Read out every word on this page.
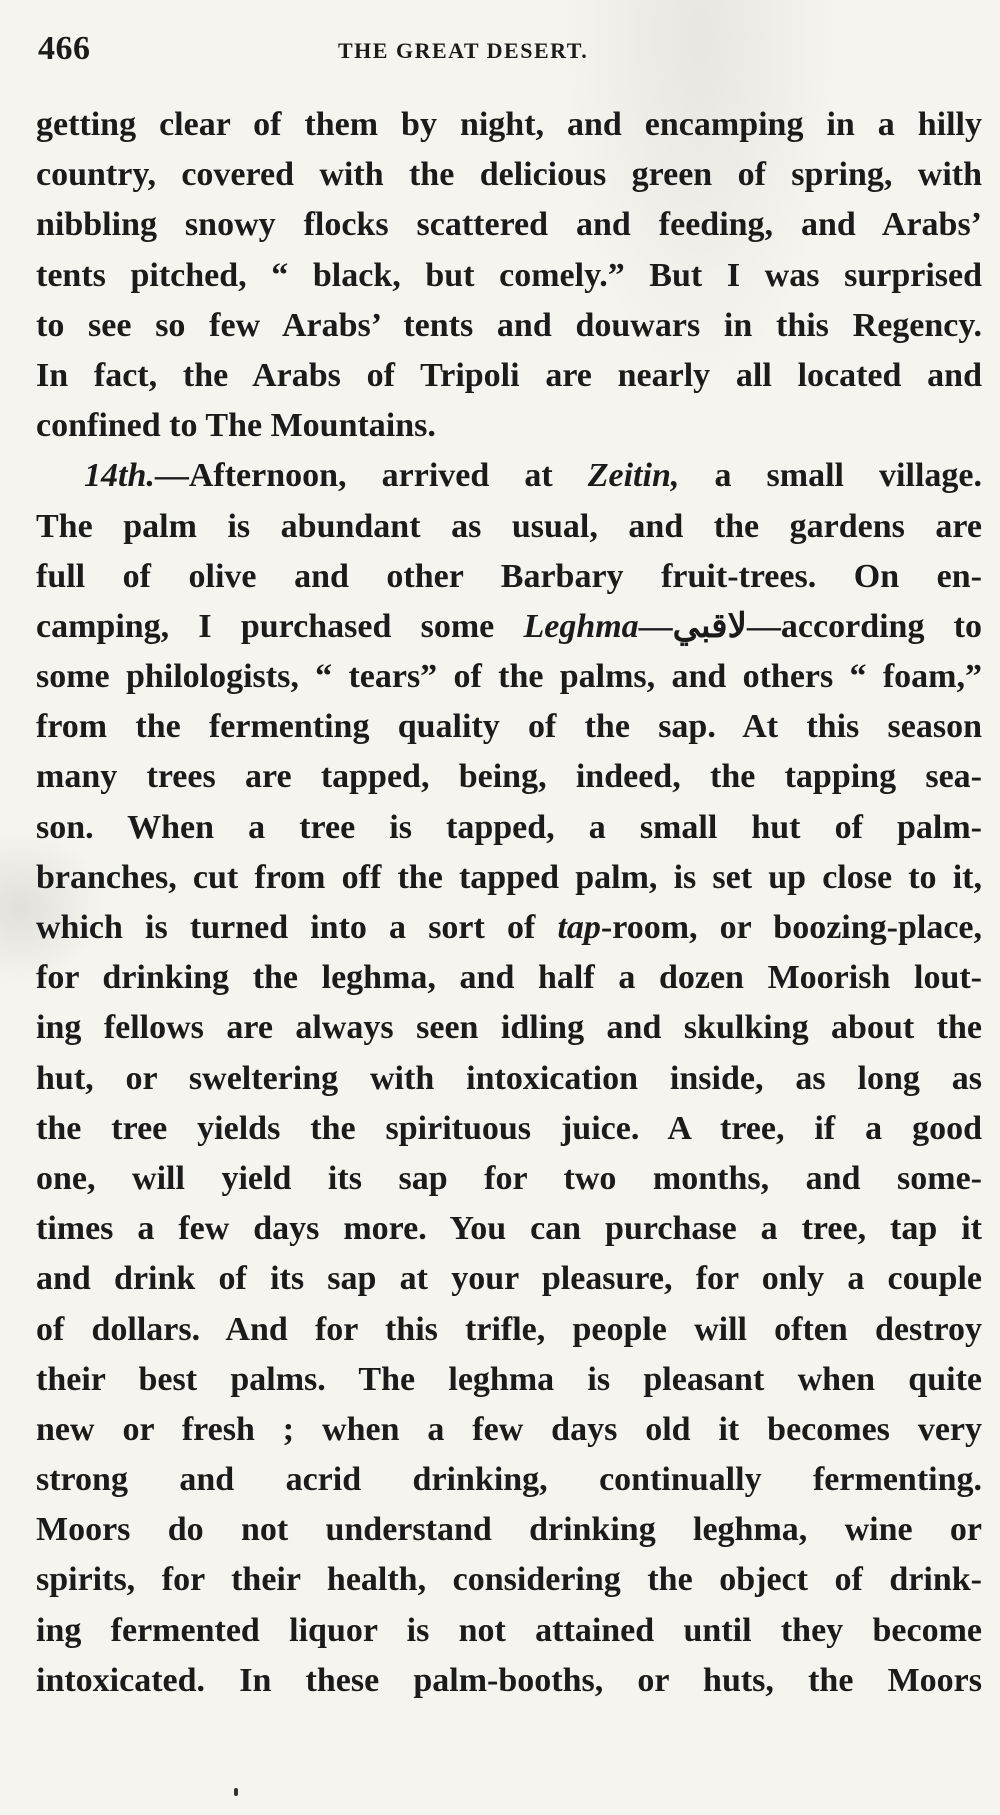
466	THE GREAT DESERT.
getting clear of them by night, and encamping in a hilly
country, covered with the delicious green of spring, with
nibbling snowy flocks scattered and feeding, and Arabs’
tents pitched, “ black, but comely.” But I was surprised
to see so few Arabs’ tents and douwars in this Regency.
In fact, the Arabs of Tripoli are nearly all located and
confined to The Mountains.
14th.—Afternoon, arrived at Zeitin, a small village.
The palm is abundant as usual, and the gardens are
full of olive and other Barbary fruit-trees. On en-
camping, I purchased some Leghma—لاقبي—according to
some philologists, “ tears” of the palms, and others “ foam,”
from the fermenting quality of the sap. At this season
many trees are tapped, being, indeed, the tapping sea-
son. When a tree is tapped, a small hut of palm-
branches, cut from off the tapped palm, is set up close to it,
which is turned into a sort of tap-room, or boozing-place,
for drinking the leghma, and half a dozen Moorish lout-
ing fellows are always seen idling and skulking about the
hut, or sweltering with intoxication inside, as long as
the tree yields the spirituous juice. A tree, if a good
one, will yield its sap for two months, and some-
times a few days more. You can purchase a tree, tap it
and drink of its sap at your pleasure, for only a couple
of dollars. And for this trifle, people will often destroy
their best palms. The leghma is pleasant when quite
new or fresh ; when a few days old it becomes very
strong and acrid drinking, continually fermenting.
Moors do not understand drinking leghma, wine or
spirits, for their health, considering the object of drink-
ing fermented liquor is not attained until they become
intoxicated. In these palm-booths, or huts, the Moors
